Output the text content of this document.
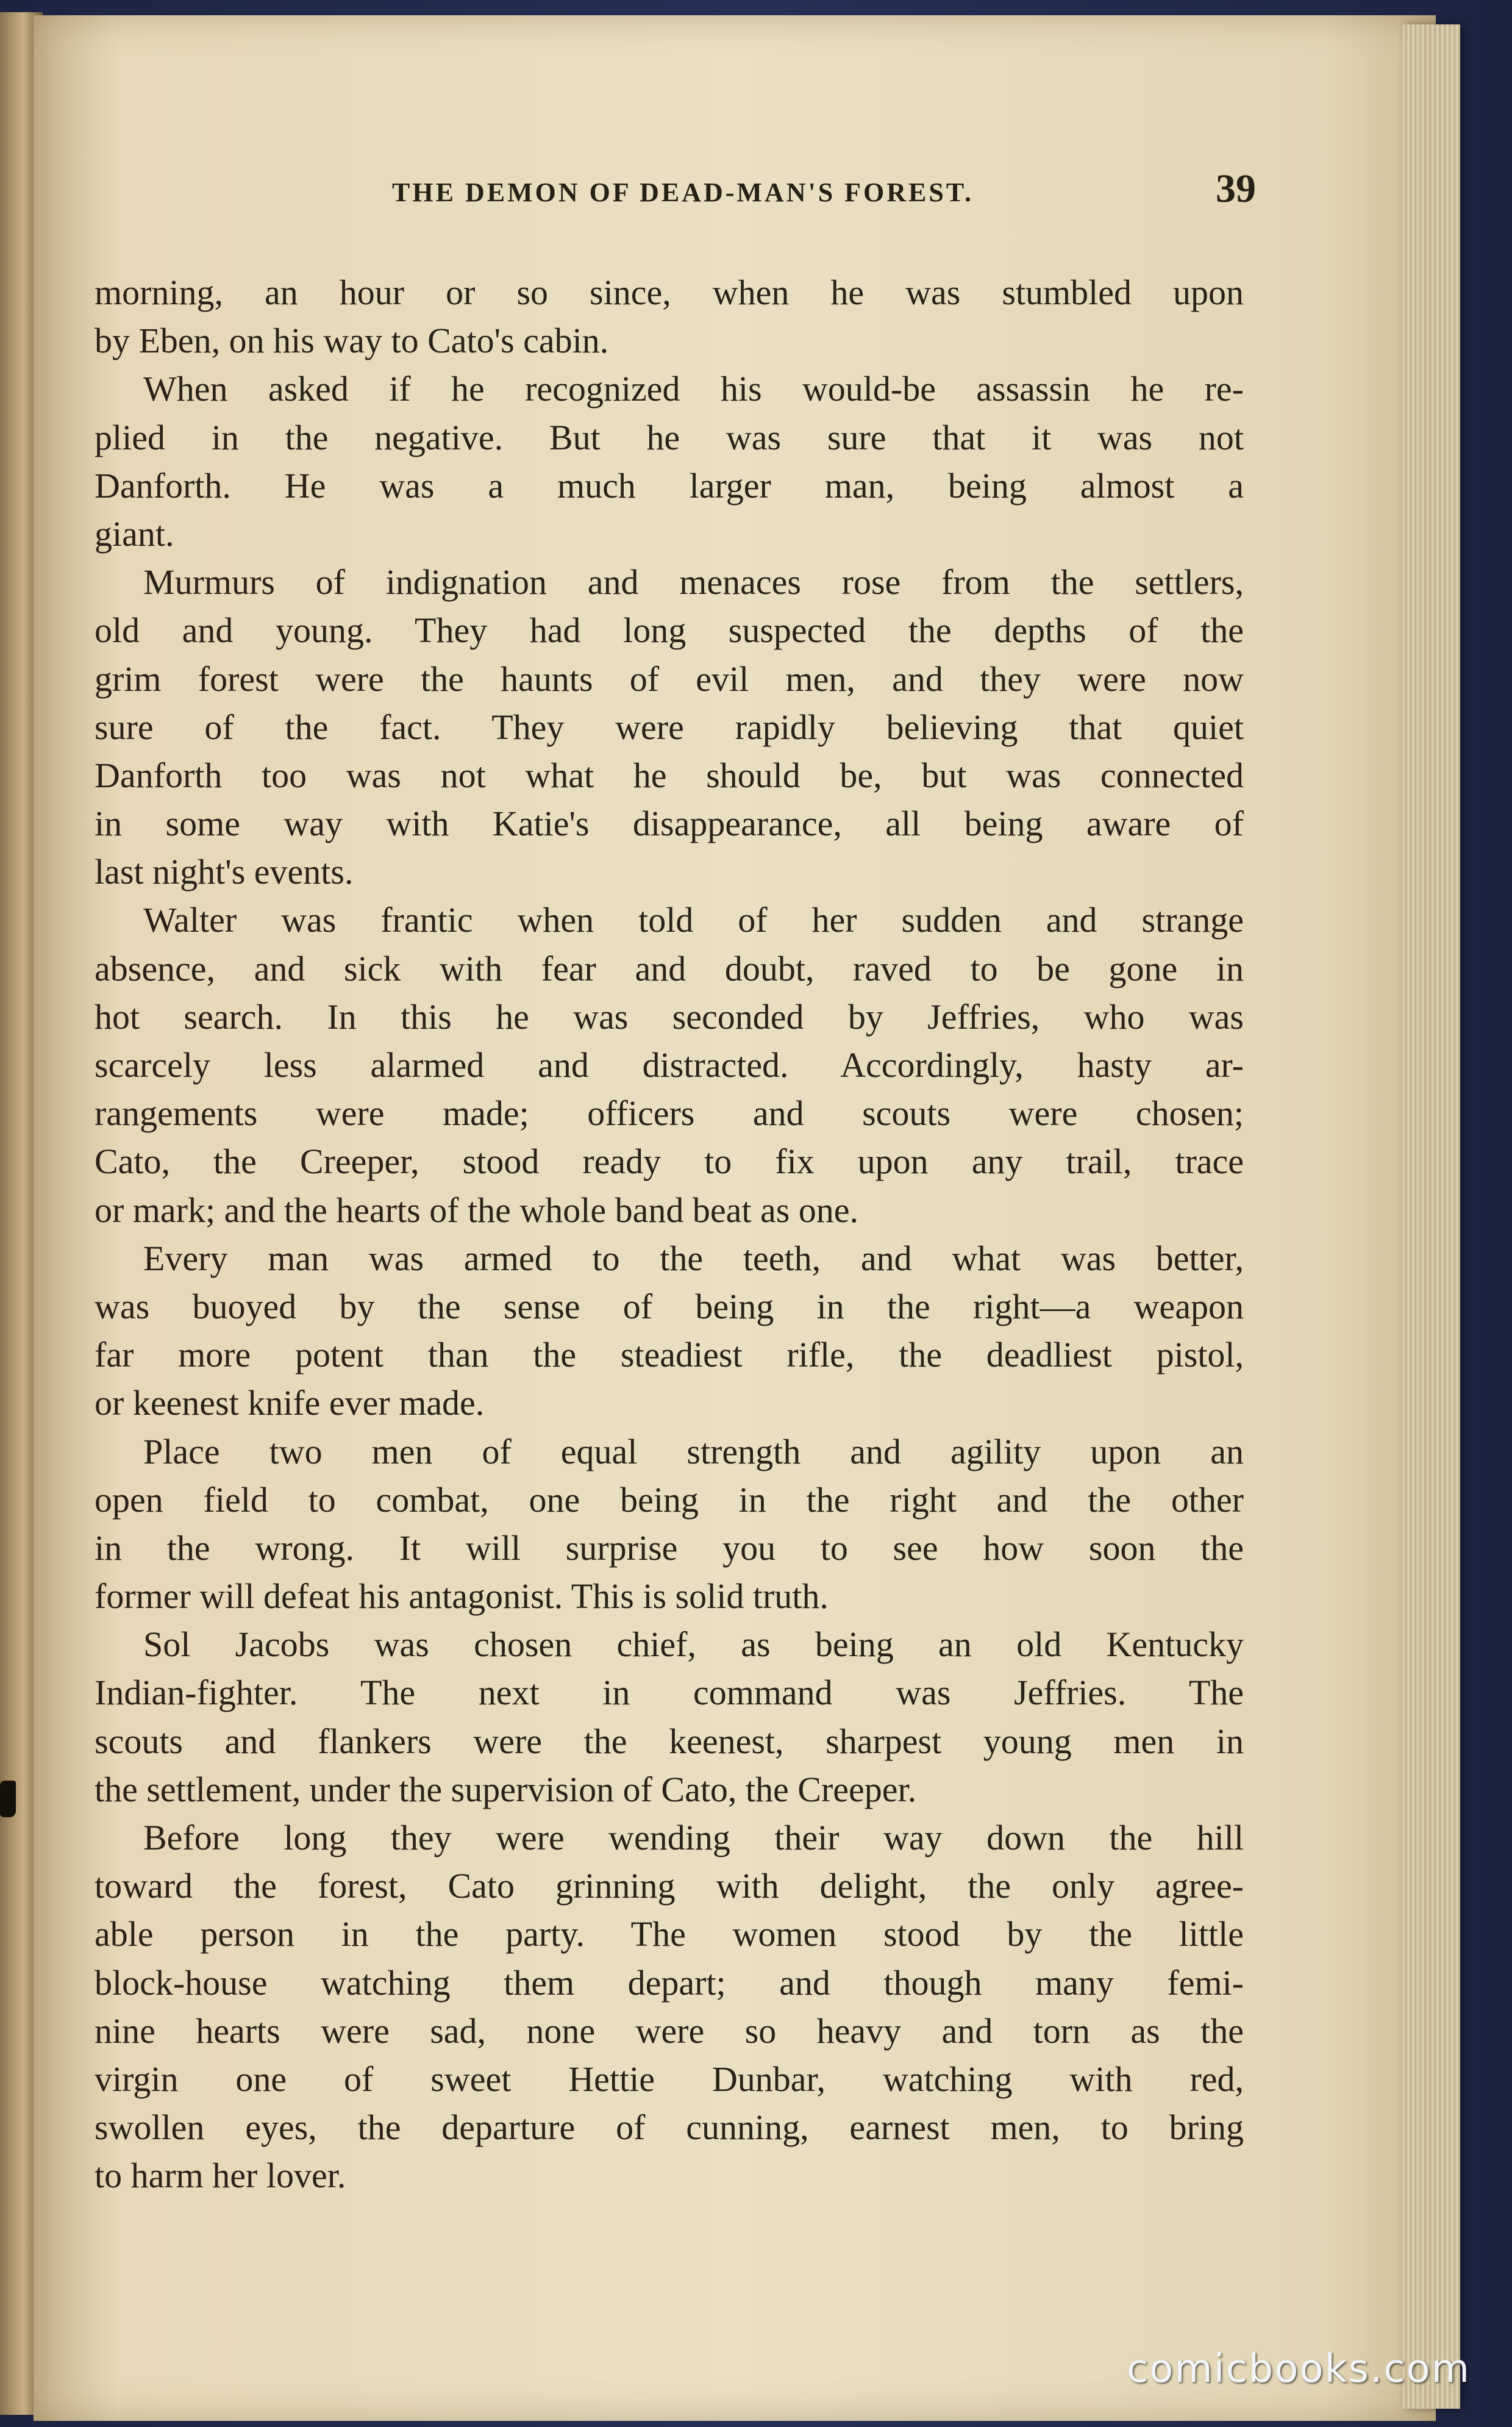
THE DEMON OF DEAD-MAN'S FOREST.	39
morning, an hour or so since, when he was stumbled upon
by Eben, on his way to Cato's cabin.
When asked if he recognized his would-be assassin he re-
plied in the negative. But he was sure that it was not
Danforth. He was a much larger man, being almost a
giant.
Murmurs of indignation and menaces rose from the settlers,
old and young. They had long suspected the depths of the
grim forest were the haunts of evil men, and they were now
sure of the fact. They were rapidly believing that quiet
Danforth too was not what he should be, but was connected
in some way with Katie's disappearance, all being aware of
last night's events.
Walter was frantic when told of her sudden and strange
absence, and sick with fear and doubt, raved to be gone in
hot search. In this he was seconded by Jeffries, who was
scarcely less alarmed and distracted. Accordingly, hasty ar-
rangements were made; officers and scouts were chosen;
Cato, the Creeper, stood ready to fix upon any trail, trace
or mark; and the hearts of the whole band beat as one.
Every man was armed to the teeth, and what was better,
was buoyed by the sense of being in the right—a weapon
far more potent than the steadiest rifle, the deadliest pistol,
or keenest knife ever made.
Place two men of equal strength and agility upon an
open field to combat, one being in the right and the other
in the wrong. It will surprise you to see how soon the
former will defeat his antagonist. This is solid truth.
Sol Jacobs was chosen chief, as being an old Kentucky
Indian-fighter. The next in command was Jeffries. The
scouts and flankers were the keenest, sharpest young men in
the settlement, under the supervision of Cato, the Creeper.
Before long they were wending their way down the hill
toward the forest, Cato grinning with delight, the only agree-
able person in the party. The women stood by the little
block-house watching them depart; and though many femi-
nine hearts were sad, none were so heavy and torn as the
virgin one of sweet Hettie Dunbar, watching with red,
swollen eyes, the departure of cunning, earnest men, to bring
to harm her lover.
comicbooks.com
